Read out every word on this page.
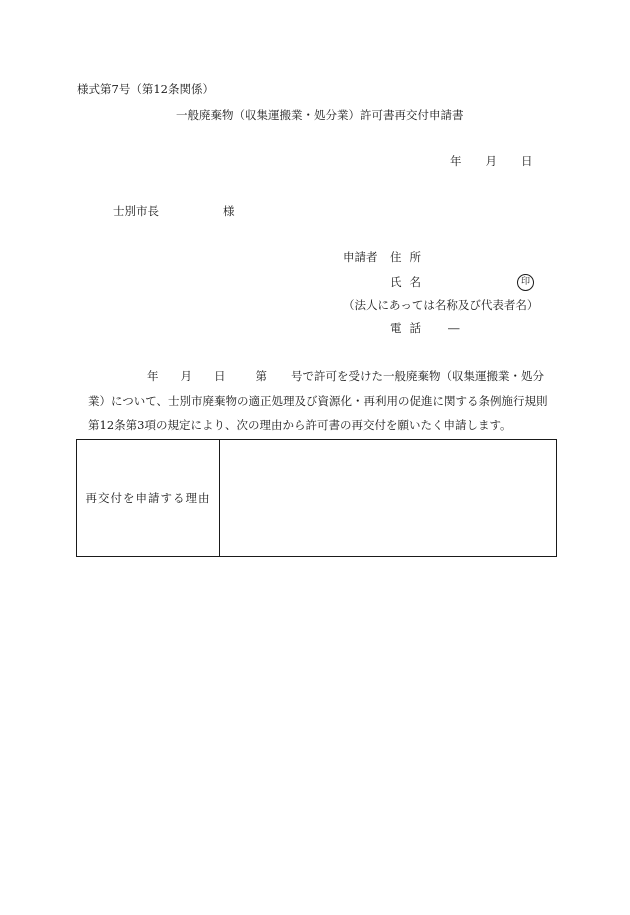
様式第7号（第12条関係）
一般廃棄物（収集運搬業・処分業）許可書再交付申請書
年 月 日
士別市長	様
申請者 住所
氏名	印
（法人にあっては名称及び代表者名）
電話 ―
年 月 日	第 号で許可を受けた一般廃棄物（収集運搬業・処分
業）について、士別市廃棄物の適正処理及び資源化・再利用の促進に関する条例施行規則
第12条第3項の規定により、次の理由から許可書の再交付を願いたく申請します。
再交付を申請する理由
